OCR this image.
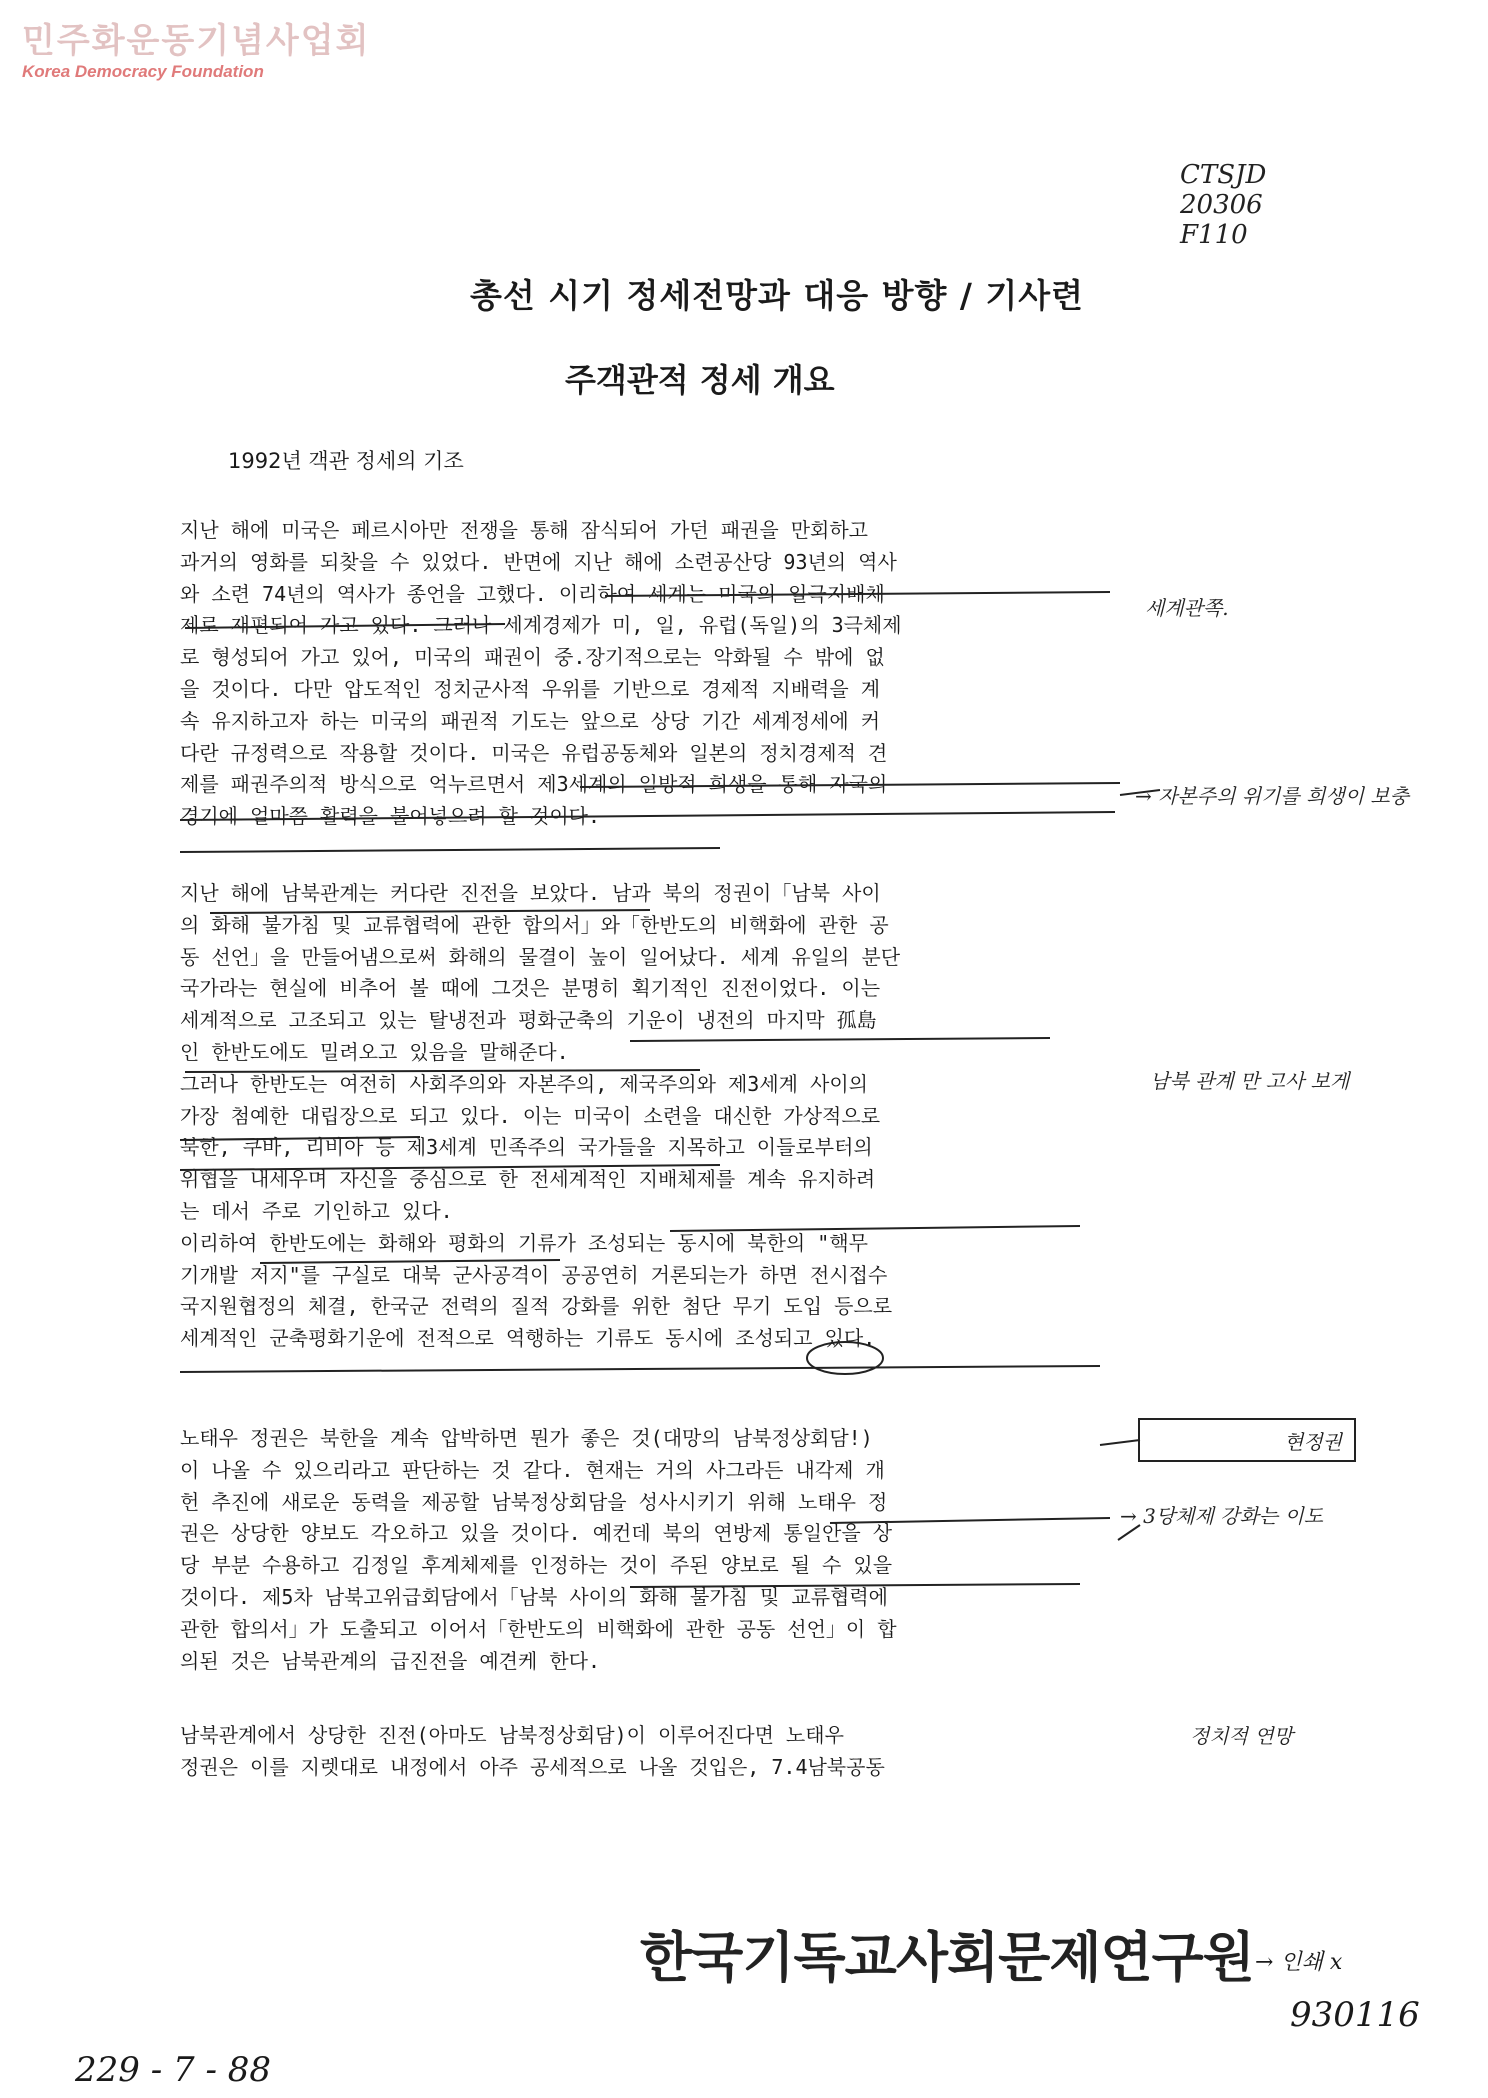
민주화운동기념사업회
Korea Democracy Foundation
CTSJD
20306
F110
총선 시기 정세전망과 대응 방향 / 기사련
주객관적 정세 개요
1992년 객관 정세의 기조
지난 해에 미국은 페르시아만 전쟁을 통해 잠식되어 가던 패권을 만회하고
과거의 영화를 되찾을 수 있었다. 반면에 지난 해에 소련공산당 93년의 역사
와 소련 74년의 역사가 종언을 고했다. 이리하여 세계는 미국의 일극지배체
제로 재편되어 가고 있다. 그러나 세계경제가 미, 일, 유럽(독일)의 3극체제
로 형성되어 가고 있어, 미국의 패권이 중.장기적으로는 악화될 수 밖에 없
을 것이다. 다만 압도적인 정치군사적 우위를 기반으로 경제적 지배력을 계
속 유지하고자 하는 미국의 패권적 기도는 앞으로 상당 기간 세계정세에 커
다란 규정력으로 작용할 것이다. 미국은 유럽공동체와 일본의 정치경제적 견
제를 패권주의적 방식으로 억누르면서 제3세계의 일방적 희생을 통해 자국의
경기에 얼마쯤 활력을 불어넣으려 할 것이다.
지난 해에 남북관계는 커다란 진전을 보았다. 남과 북의 정권이「남북 사이
의 화해 불가침 및 교류협력에 관한 합의서」와「한반도의 비핵화에 관한 공
동 선언」을 만들어냄으로써 화해의 물결이 높이 일어났다. 세계 유일의 분단
국가라는 현실에 비추어 볼 때에 그것은 분명히 획기적인 진전이었다. 이는
세계적으로 고조되고 있는 탈냉전과 평화군축의 기운이 냉전의 마지막 孤島
인 한반도에도 밀려오고 있음을 말해준다.
그러나 한반도는 여전히 사회주의와 자본주의, 제국주의와 제3세계 사이의
가장 첨예한 대립장으로 되고 있다. 이는 미국이 소련을 대신한 가상적으로
북한, 쿠바, 리비아 등 제3세계 민족주의 국가들을 지목하고 이들로부터의
위협을 내세우며 자신을 중심으로 한 전세계적인 지배체제를 계속 유지하려
는 데서 주로 기인하고 있다.
이리하여 한반도에는 화해와 평화의 기류가 조성되는 동시에 북한의 "핵무
기개발 저지"를 구실로 대북 군사공격이 공공연히 거론되는가 하면 전시접수
국지원협정의 체결, 한국군 전력의 질적 강화를 위한 첨단 무기 도입 등으로
세계적인 군축평화기운에 전적으로 역행하는 기류도 동시에 조성되고 있다.
노태우 정권은 북한을 계속 압박하면 뭔가 좋은 것(대망의 남북정상회담!)
이 나올 수 있으리라고 판단하는 것 같다. 현재는 거의 사그라든 내각제 개
헌 추진에 새로운 동력을 제공할 남북정상회담을 성사시키기 위해 노태우 정
권은 상당한 양보도 각오하고 있을 것이다. 예컨데 북의 연방제 통일안을 상
당 부분 수용하고 김정일 후계체제를 인정하는 것이 주된 양보로 될 수 있을
것이다. 제5차 남북고위급회담에서「남북 사이의 화해 불가침 및 교류협력에
관한 합의서」가 도출되고 이어서「한반도의 비핵화에 관한 공동 선언」이 합
의된 것은 남북관계의 급진전을 예견케 한다.
남북관계에서 상당한 진전(아마도 남북정상회담)이 이루어진다면 노태우
정권은 이를 지렛대로 내정에서 아주 공세적으로 나올 것입은, 7.4남북공동
세계관쪽.
→ 자본주의 위기를 희생이 보충
남북 관계 만 고사 보게
현정권
→ 3당체제 강화는 이도
정치적 연망
한국기독교사회문제연구원 → 인쇄 x
930116
229 - 7 - 88
